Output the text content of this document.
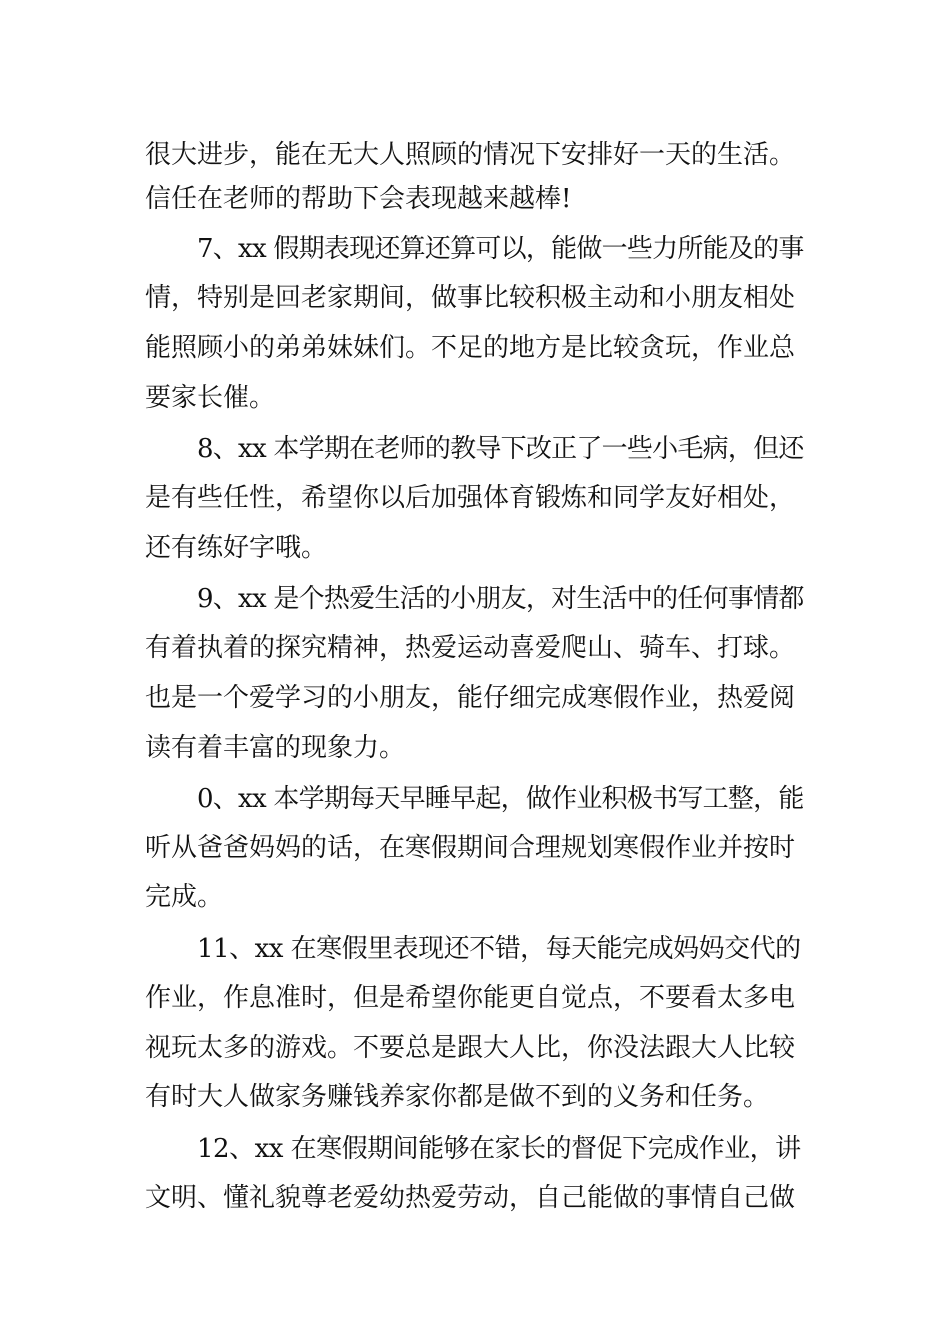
很大进步，能在无大人照顾的情况下安排好一天的生活。
信任在老师的帮助下会表现越来越棒!
7、xx 假期表现还算还算可以，能做一些力所能及的事
情，特别是回老家期间，做事比较积极主动和小朋友相处
能照顾小的弟弟妹妹们。不足的地方是比较贪玩，作业总
要家长催。
8、xx 本学期在老师的教导下改正了一些小毛病，但还
是有些任性，希望你以后加强体育锻炼和同学友好相处，
还有练好字哦。
9、xx 是个热爱生活的小朋友，对生活中的任何事情都
有着执着的探究精神，热爱运动喜爱爬山、骑车、打球。
也是一个爱学习的小朋友，能仔细完成寒假作业，热爱阅
读有着丰富的现象力。
0、xx 本学期每天早睡早起，做作业积极书写工整，能
听从爸爸妈妈的话，在寒假期间合理规划寒假作业并按时
完成。
11、xx 在寒假里表现还不错，每天能完成妈妈交代的
作业，作息准时，但是希望你能更自觉点，不要看太多电
视玩太多的游戏。不要总是跟大人比，你没法跟大人比较
有时大人做家务赚钱养家你都是做不到的义务和任务。
12、xx 在寒假期间能够在家长的督促下完成作业，讲
文明、懂礼貌尊老爱幼热爱劳动，自己能做的事情自己做
